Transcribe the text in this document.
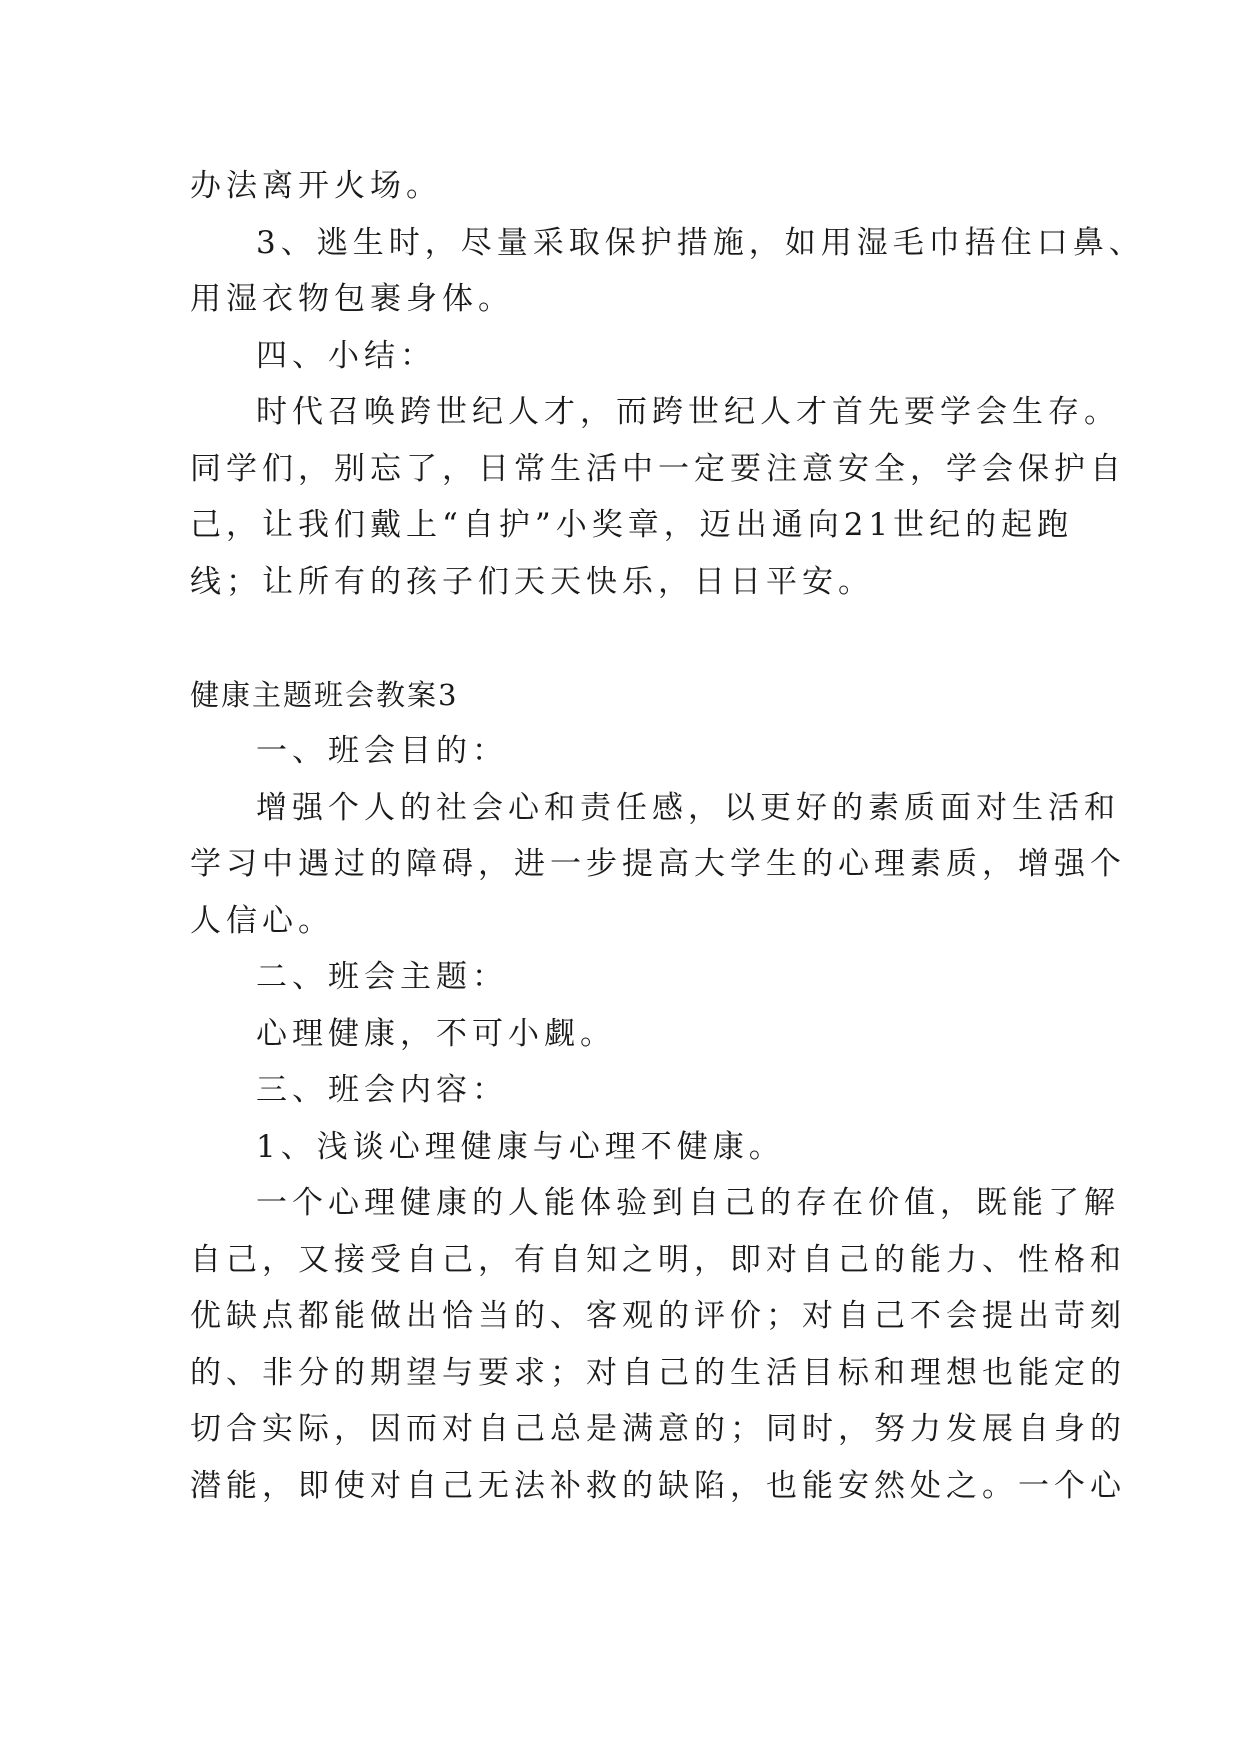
办法离开火场。
3、逃生时，尽量采取保护措施，如用湿毛巾捂住口鼻、
用湿衣物包裹身体。
四、小结：
时代召唤跨世纪人才，而跨世纪人才首先要学会生存。
同学们，别忘了，日常生活中一定要注意安全，学会保护自
己，让我们戴上“自护”小奖章，迈出通向21世纪的起跑
线；让所有的孩子们天天快乐，日日平安。
健康主题班会教案3
一、班会目的：
增强个人的社会心和责任感，以更好的素质面对生活和
学习中遇过的障碍，进一步提高大学生的心理素质，增强个
人信心。
二、班会主题：
心理健康，不可小觑。
三、班会内容：
1、浅谈心理健康与心理不健康。
一个心理健康的人能体验到自己的存在价值，既能了解
自己，又接受自己，有自知之明，即对自己的能力、性格和
优缺点都能做出恰当的、客观的评价；对自己不会提出苛刻
的、非分的期望与要求；对自己的生活目标和理想也能定的
切合实际，因而对自己总是满意的；同时，努力发展自身的
潜能，即使对自己无法补救的缺陷，也能安然处之。一个心
